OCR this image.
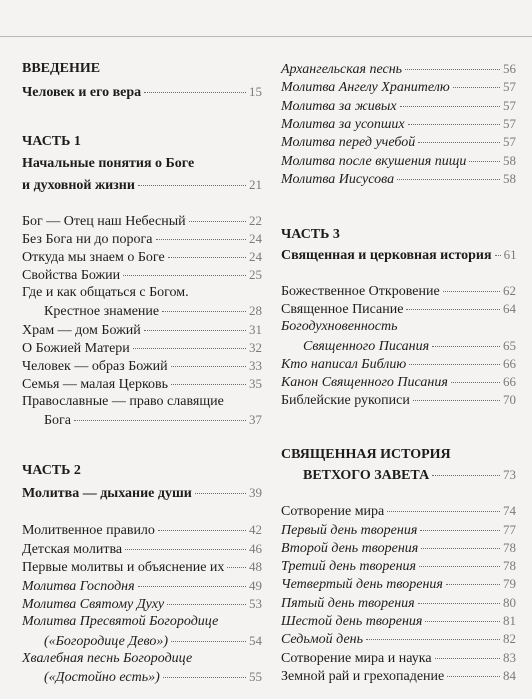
ВВЕДЕНИЕ
Человек и его вера	15
ЧАСТЬ 1
Начальные понятия о Боге
и духовной жизни	21
Бог — Отец наш Небесный	22
Без Бога ни до порога	24
Откуда мы знаем о Боге	24
Свойства Божии	25
Где и как общаться с Богом.
Крестное знамение	28
Храм — дом Божий	31
О Божией Матери	32
Человек — образ Божий	33
Семья — малая Церковь	35
Православные — право славящие
Бога	37
ЧАСТЬ 2
Молитва — дыхание души	39
Молитвенное правило	42
Детская молитва	46
Первые молитвы и объяснение их 48
Молитва Господня	49
Молитва Святому Духу	53
Молитва Пресвятой Богородице
(«Богородице Дево»)	54
Хвалебная песнь Богородице
(«Достойно есть»)	55
Архангельская песнь	56
Молитва Ангелу Хранителю	57
Молитва за живых	57
Молитва за усопших	57
Молитва перед учебой	57
Молитва после вкушения пищи	58
Молитва Иисусова	58
ЧАСТЬ 3
Священная и церковная история 61
Божественное Откровение	62
Священное Писание	64
Богодухновенность
Священного Писания	65
Кто написал Библию	66
Канон Священного Писания	66
Библейские рукописи	70
СВЯЩЕННАЯ ИСТОРИЯ
ВЕТХОГО ЗАВЕТА	73
Сотворение мира	74
Первый день творения	77
Второй день творения	78
Третий день творения	78
Четвертый день творения	79
Пятый день творения	80
Шестой день творения	81
Седьмой день	82
Сотворение мира и наука	83
Земной рай и грехопадение	84
